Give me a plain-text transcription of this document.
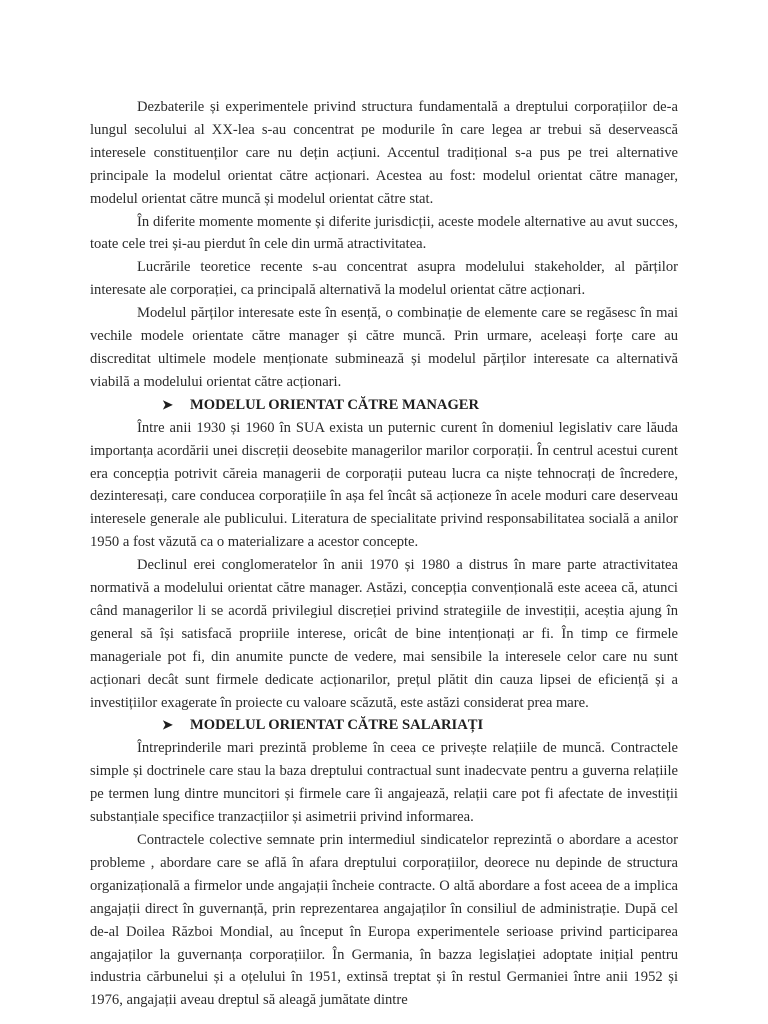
Dezbaterile și experimentele privind structura fundamentală a dreptului corporațiilor de-a lungul secolului al XX-lea s-au concentrat pe modurile în care legea ar trebui să deservească interesele constituenților care nu dețin acțiuni. Accentul tradițional s-a pus pe trei alternative principale la modelul orientat către acționari. Acestea au fost: modelul orientat către manager, modelul orientat către muncă și modelul orientat către stat.

În diferite momente momente și diferite jurisdicții, aceste modele alternative au avut succes, toate cele trei și-au pierdut în cele din urmă atractivitatea.

Lucrările teoretice recente s-au concentrat asupra modelului stakeholder, al părților interesate ale corporației, ca principală alternativă la modelul orientat către acționari.

Modelul părților interesate este în esență, o combinație de elemente care se regăsesc în mai vechile modele orientate către manager și către muncă. Prin urmare, aceleași forțe care au discreditat ultimele modele menționate subminează și modelul părților interesate ca alternativă viabilă a modelului orientat către acționari.

➤ MODELUL ORIENTAT CĂTRE MANAGER

Între anii 1930 și 1960 în SUA exista un puternic curent în domeniul legislativ care lăuda importanța acordării unei discreții deosebite managerilor marilor corporații. În centrul acestui curent era concepția potrivit căreia managerii de corporații puteau lucra ca niște tehnocrați de încredere, dezinteresați, care conducea corporațiile în așa fel încât să acționeze în acele moduri care deserveau interesele generale ale publicului. Literatura de specialitate privind responsabilitatea socială a anilor 1950 a fost văzută ca o materializare a acestor concepte.

Declinul erei conglomeratelor în anii 1970 și 1980 a distrus în mare parte atractivitatea normativă a modelului orientat către manager. Astăzi, concepția convențională este aceea că, atunci când managerilor li se acordă privilegiul discreției privind strategiile de investiții, aceștia ajung în general să își satisfacă propriile interese, oricât de bine intenționați ar fi. În timp ce firmele manageriale pot fi, din anumite puncte de vedere, mai sensibile la interesele celor care nu sunt acționari decât sunt firmele dedicate acționarilor, prețul plătit din cauza lipsei de eficiență și a investițiilor exagerate în proiecte cu valoare scăzută, este astăzi considerat prea mare.

➤ MODELUL ORIENTAT CĂTRE SALARIAȚI

Întreprinderile mari prezintă probleme în ceea ce privește relațiile de muncă. Contractele simple și doctrinele care stau la baza dreptului contractual sunt inadecvate pentru a guverna relațiile pe termen lung dintre muncitori și firmele care îi angajează, relații care pot fi afectate de investiții substanțiale specifice tranzacțiilor și asimetrii privind informarea.

Contractele colective semnate prin intermediul sindicatelor reprezintă o abordare a acestor probleme , abordare care se află în afara dreptului corporațiilor, deorece nu depinde de structura organizațională a firmelor unde angajații încheie contracte. O altă abordare a fost aceea de a implica angajații direct în guvernanță, prin reprezentarea angajaților în consiliul de administrație. După cel de-al Doilea Război Mondial, au început în Europa experimentele serioase privind participarea angajaților la guvernanța corporațiilor. În Germania, în bazza legislației adoptate inițial pentru industria cărbunelui și a oțelului în 1951, extinsă treptat și în restul Germaniei între anii 1952 și 1976, angajații aveau dreptul să aleagă jumătate dintre
